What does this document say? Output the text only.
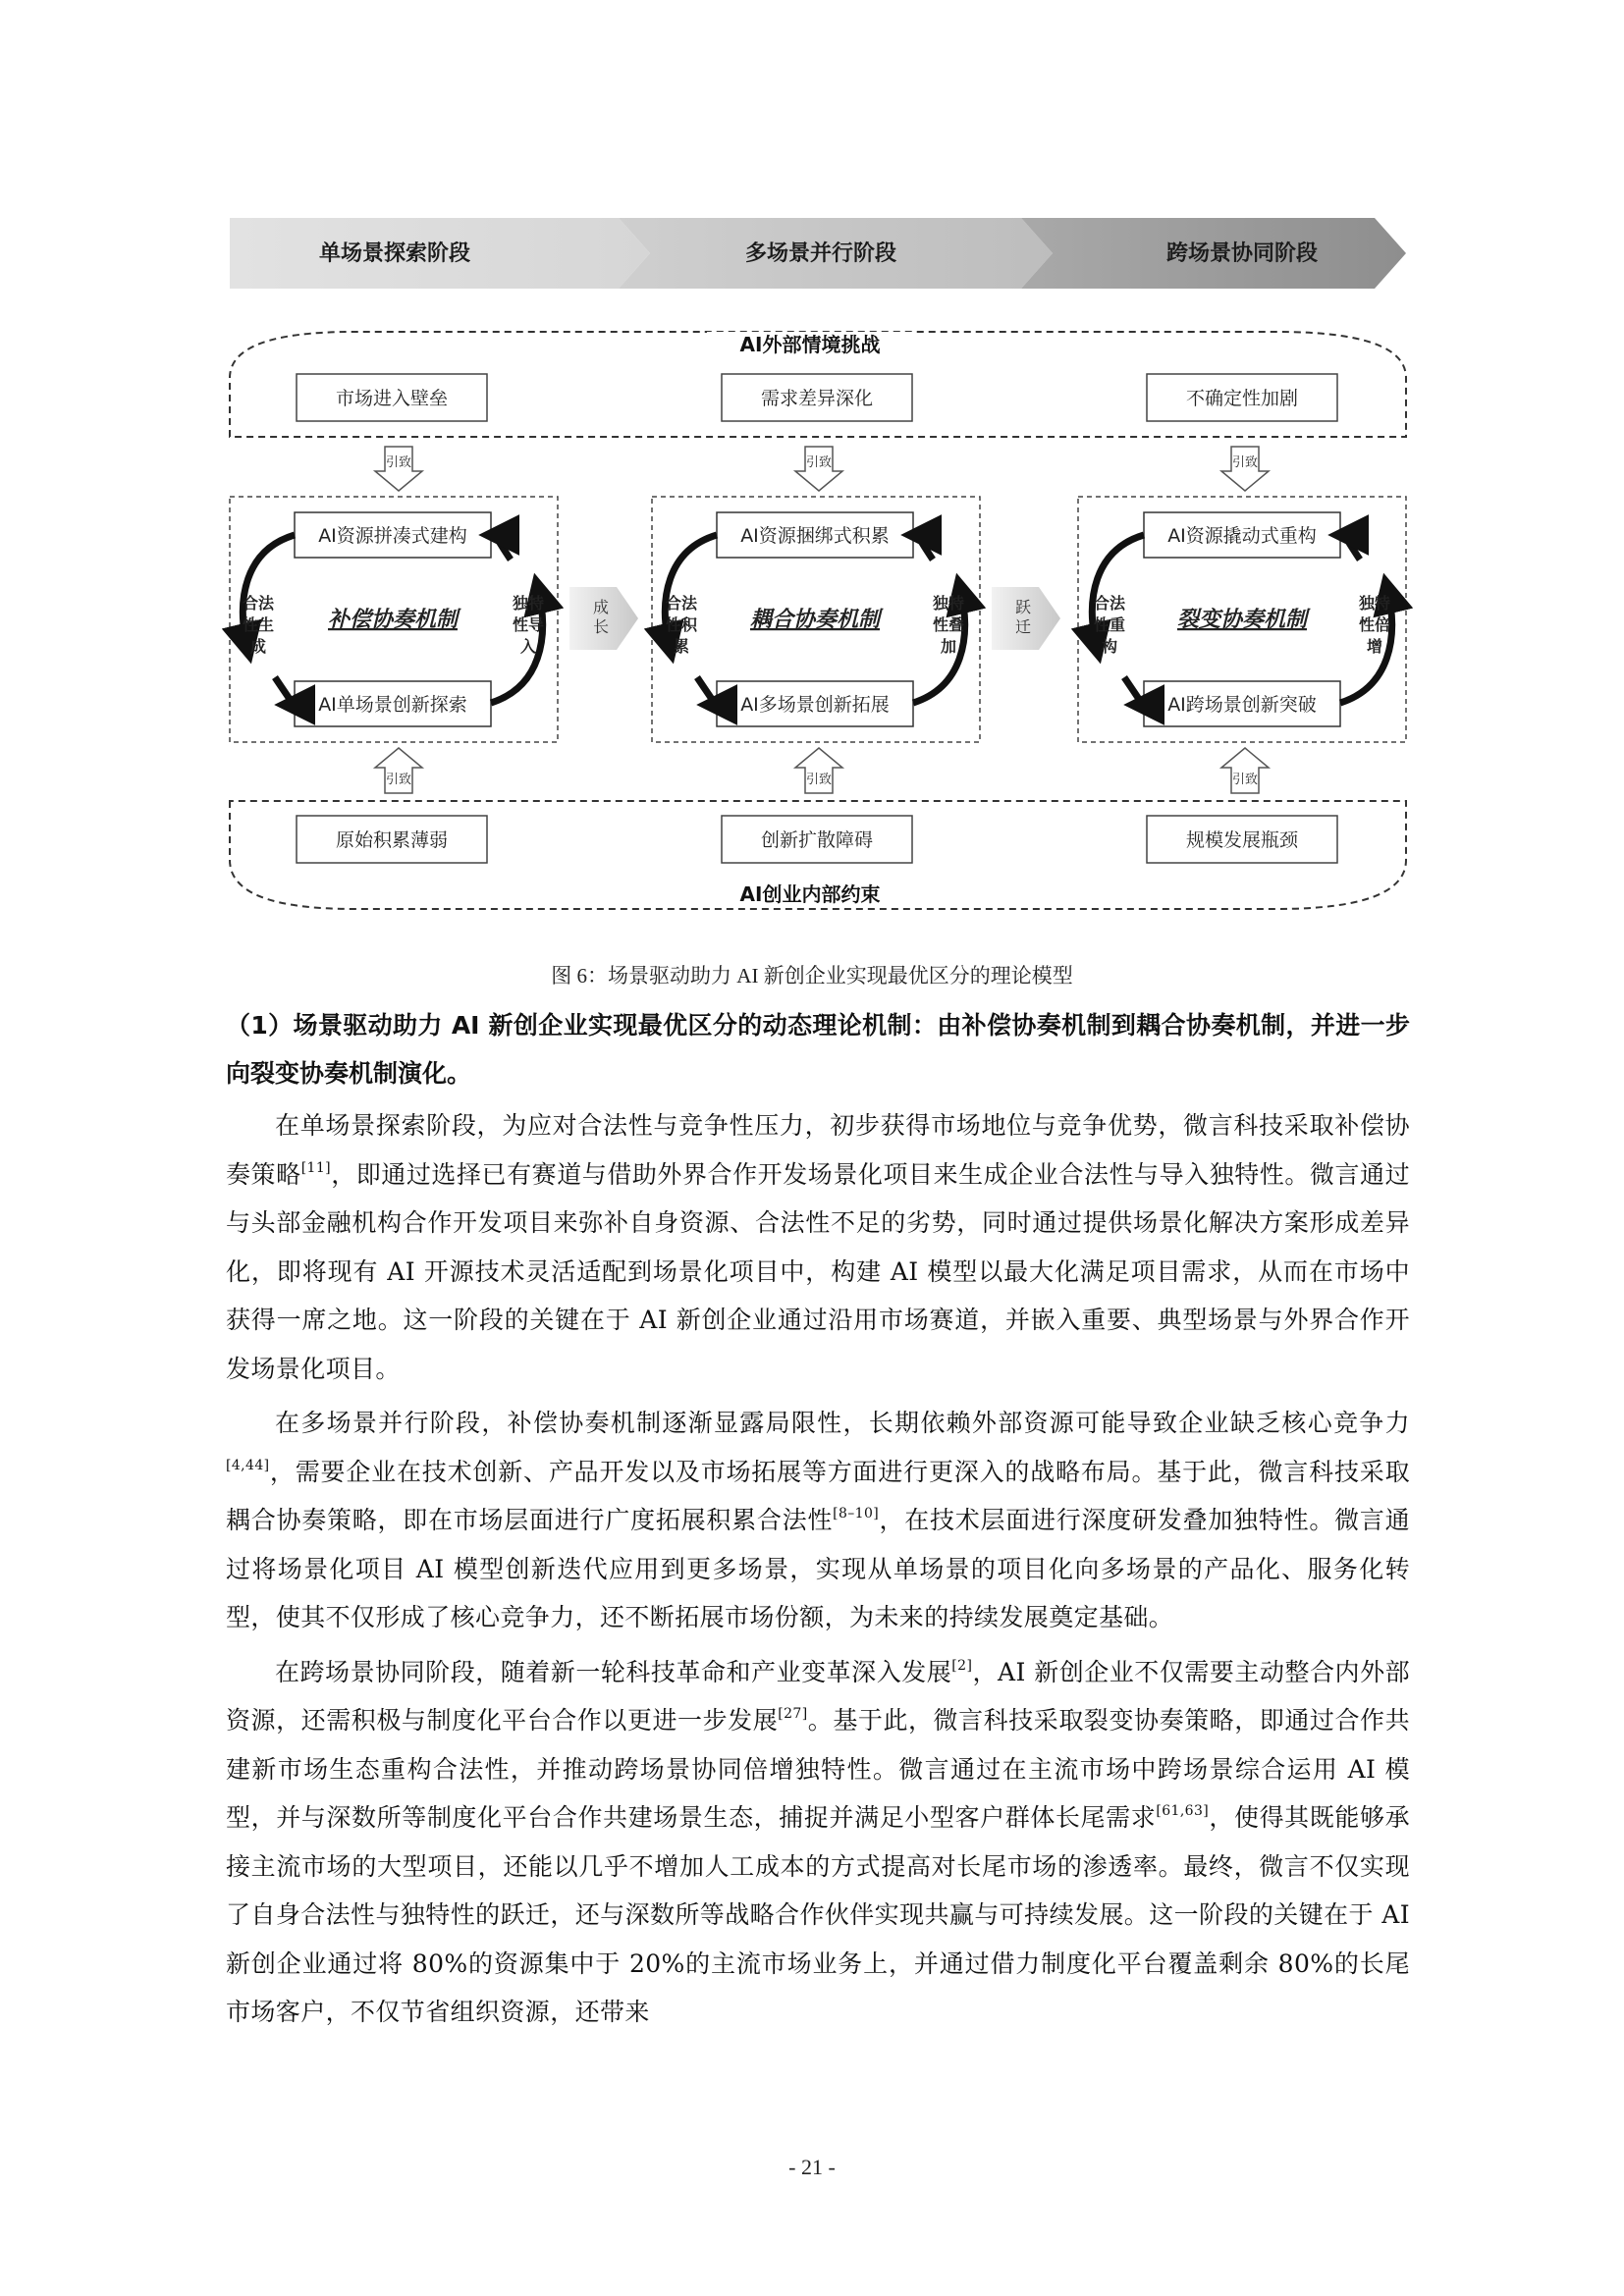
单场景探索阶段	多场景并行阶段	跨场景协同阶段
AI外部情境挑战
市场进入壁垒	需求差异深化	不确定性加剧
引致	引致	引致
AI资源拼凑式建构
AI单场景创新探索
补偿协奏机制
合法性生成
独特性导入
AI资源捆绑式积累
AI多场景创新拓展
耦合协奏机制
合法性积累
独特性叠加
AI资源撬动式重构
AI跨场景创新突破
裂变协奏机制
合法性重构
独特性倍增
成长
跃迁
引致	引致	引致
原始积累薄弱	创新扩散障碍	规模发展瓶颈
AI创业内部约束
图 6：场景驱动助力 AI 新创企业实现最优区分的理论模型

（1）场景驱动助力 AI 新创企业实现最优区分的动态理论机制：由补偿协奏机制到耦合协奏机制，并进一步向裂变协奏机制演化。

在单场景探索阶段，为应对合法性与竞争性压力，初步获得市场地位与竞争优势，微言科技采取补偿协奏策略[11]，即通过选择已有赛道与借助外界合作开发场景化项目来生成企业合法性与导入独特性。微言通过与头部金融机构合作开发项目来弥补自身资源、合法性不足的劣势，同时通过提供场景化解决方案形成差异化，即将现有 AI 开源技术灵活适配到场景化项目中，构建 AI 模型以最大化满足项目需求，从而在市场中获得一席之地。这一阶段的关键在于 AI 新创企业通过沿用市场赛道，并嵌入重要、典型场景与外界合作开发场景化项目。

在多场景并行阶段，补偿协奏机制逐渐显露局限性，长期依赖外部资源可能导致企业缺乏核心竞争力[4,44]，需要企业在技术创新、产品开发以及市场拓展等方面进行更深入的战略布局。基于此，微言科技采取耦合协奏策略，即在市场层面进行广度拓展积累合法性[8–10]，在技术层面进行深度研发叠加独特性。微言通过将场景化项目 AI 模型创新迭代应用到更多场景，实现从单场景的项目化向多场景的产品化、服务化转型，使其不仅形成了核心竞争力，还不断拓展市场份额，为未来的持续发展奠定基础。

在跨场景协同阶段，随着新一轮科技革命和产业变革深入发展[2]，AI 新创企业不仅需要主动整合内外部资源，还需积极与制度化平台合作以更进一步发展[27]。基于此，微言科技采取裂变协奏策略，即通过合作共建新市场生态重构合法性，并推动跨场景协同倍增独特性。微言通过在主流市场中跨场景综合运用 AI 模型，并与深数所等制度化平台合作共建场景生态，捕捉并满足小型客户群体长尾需求[61,63]，使得其既能够承接主流市场的大型项目，还能以几乎不增加人工成本的方式提高对长尾市场的渗透率。最终，微言不仅实现了自身合法性与独特性的跃迁，还与深数所等战略合作伙伴实现共赢与可持续发展。这一阶段的关键在于 AI 新创企业通过将 80%的资源集中于 20%的主流市场业务上，并通过借力制度化平台覆盖剩余 80%的长尾市场客户，不仅节省组织资源，还带来

- 21 -
